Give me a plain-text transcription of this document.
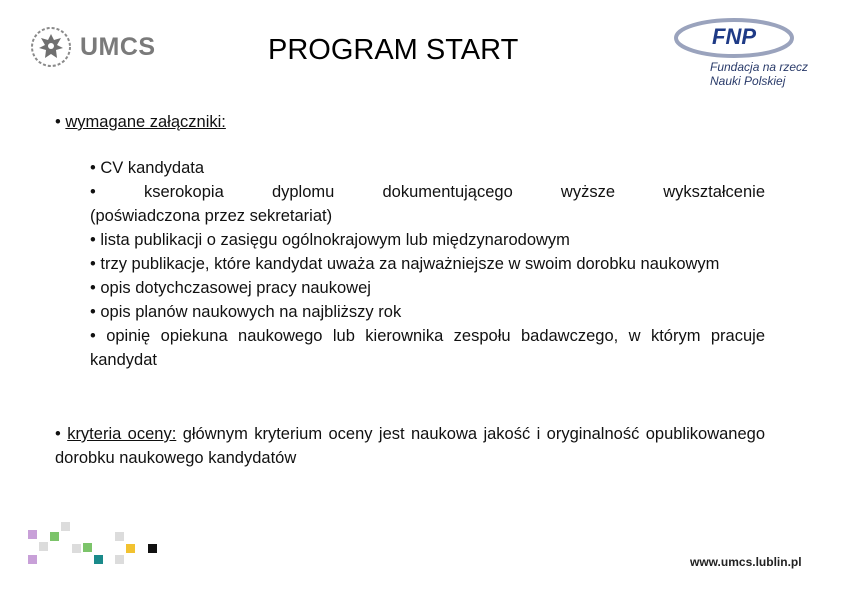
UMCS	PROGRAM START	FNP
Fundacja na rzecz
Nauki Polskiej
• wymagane załączniki:
• CV kandydata
• kserokopia dyplomu dokumentującego wyższe wykształcenie
(poświadczona przez sekretariat)
• lista publikacji o zasięgu ogólnokrajowym lub międzynarodowym
• trzy publikacje, które kandydat uważa za najważniejsze w swoim dorobku naukowym
• opis dotychczasowej pracy naukowej
• opis planów naukowych na najbliższy rok
• opinię opiekuna naukowego lub kierownika zespołu badawczego, w którym pracuje kandydat
• kryteria oceny: głównym kryterium oceny jest naukowa jakość i oryginalność opublikowanego dorobku naukowego kandydatów
www.umcs.lublin.pl
